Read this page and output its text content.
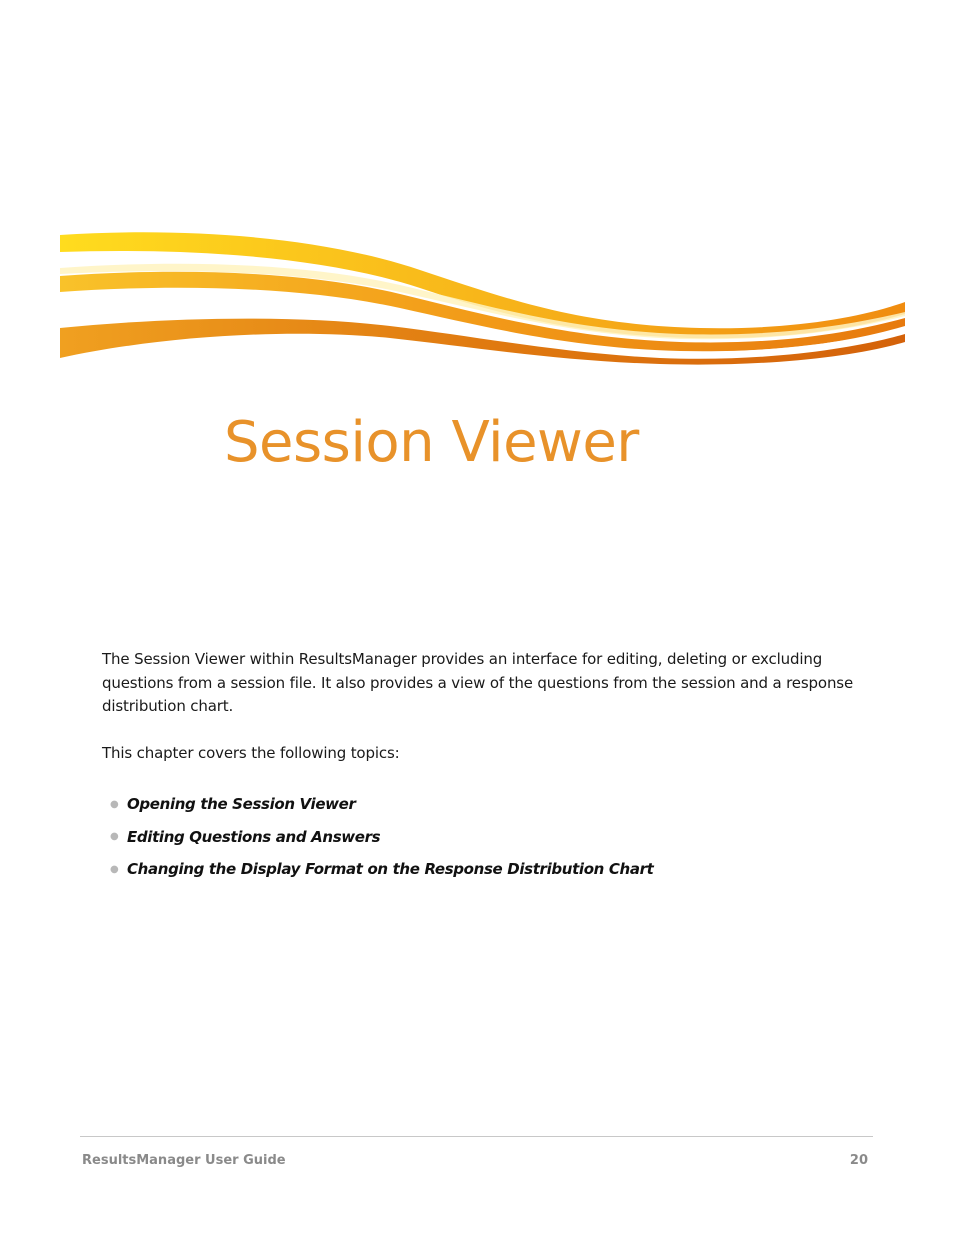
Session Viewer

The Session Viewer within ResultsManager provides an interface for editing, deleting or excluding questions from a session file. It also provides a view of the questions from the session and a response distribution chart.

This chapter covers the following topics:

● Opening the Session Viewer
● Editing Questions and Answers
● Changing the Display Format on the Response Distribution Chart
ResultsManager User Guide	20
